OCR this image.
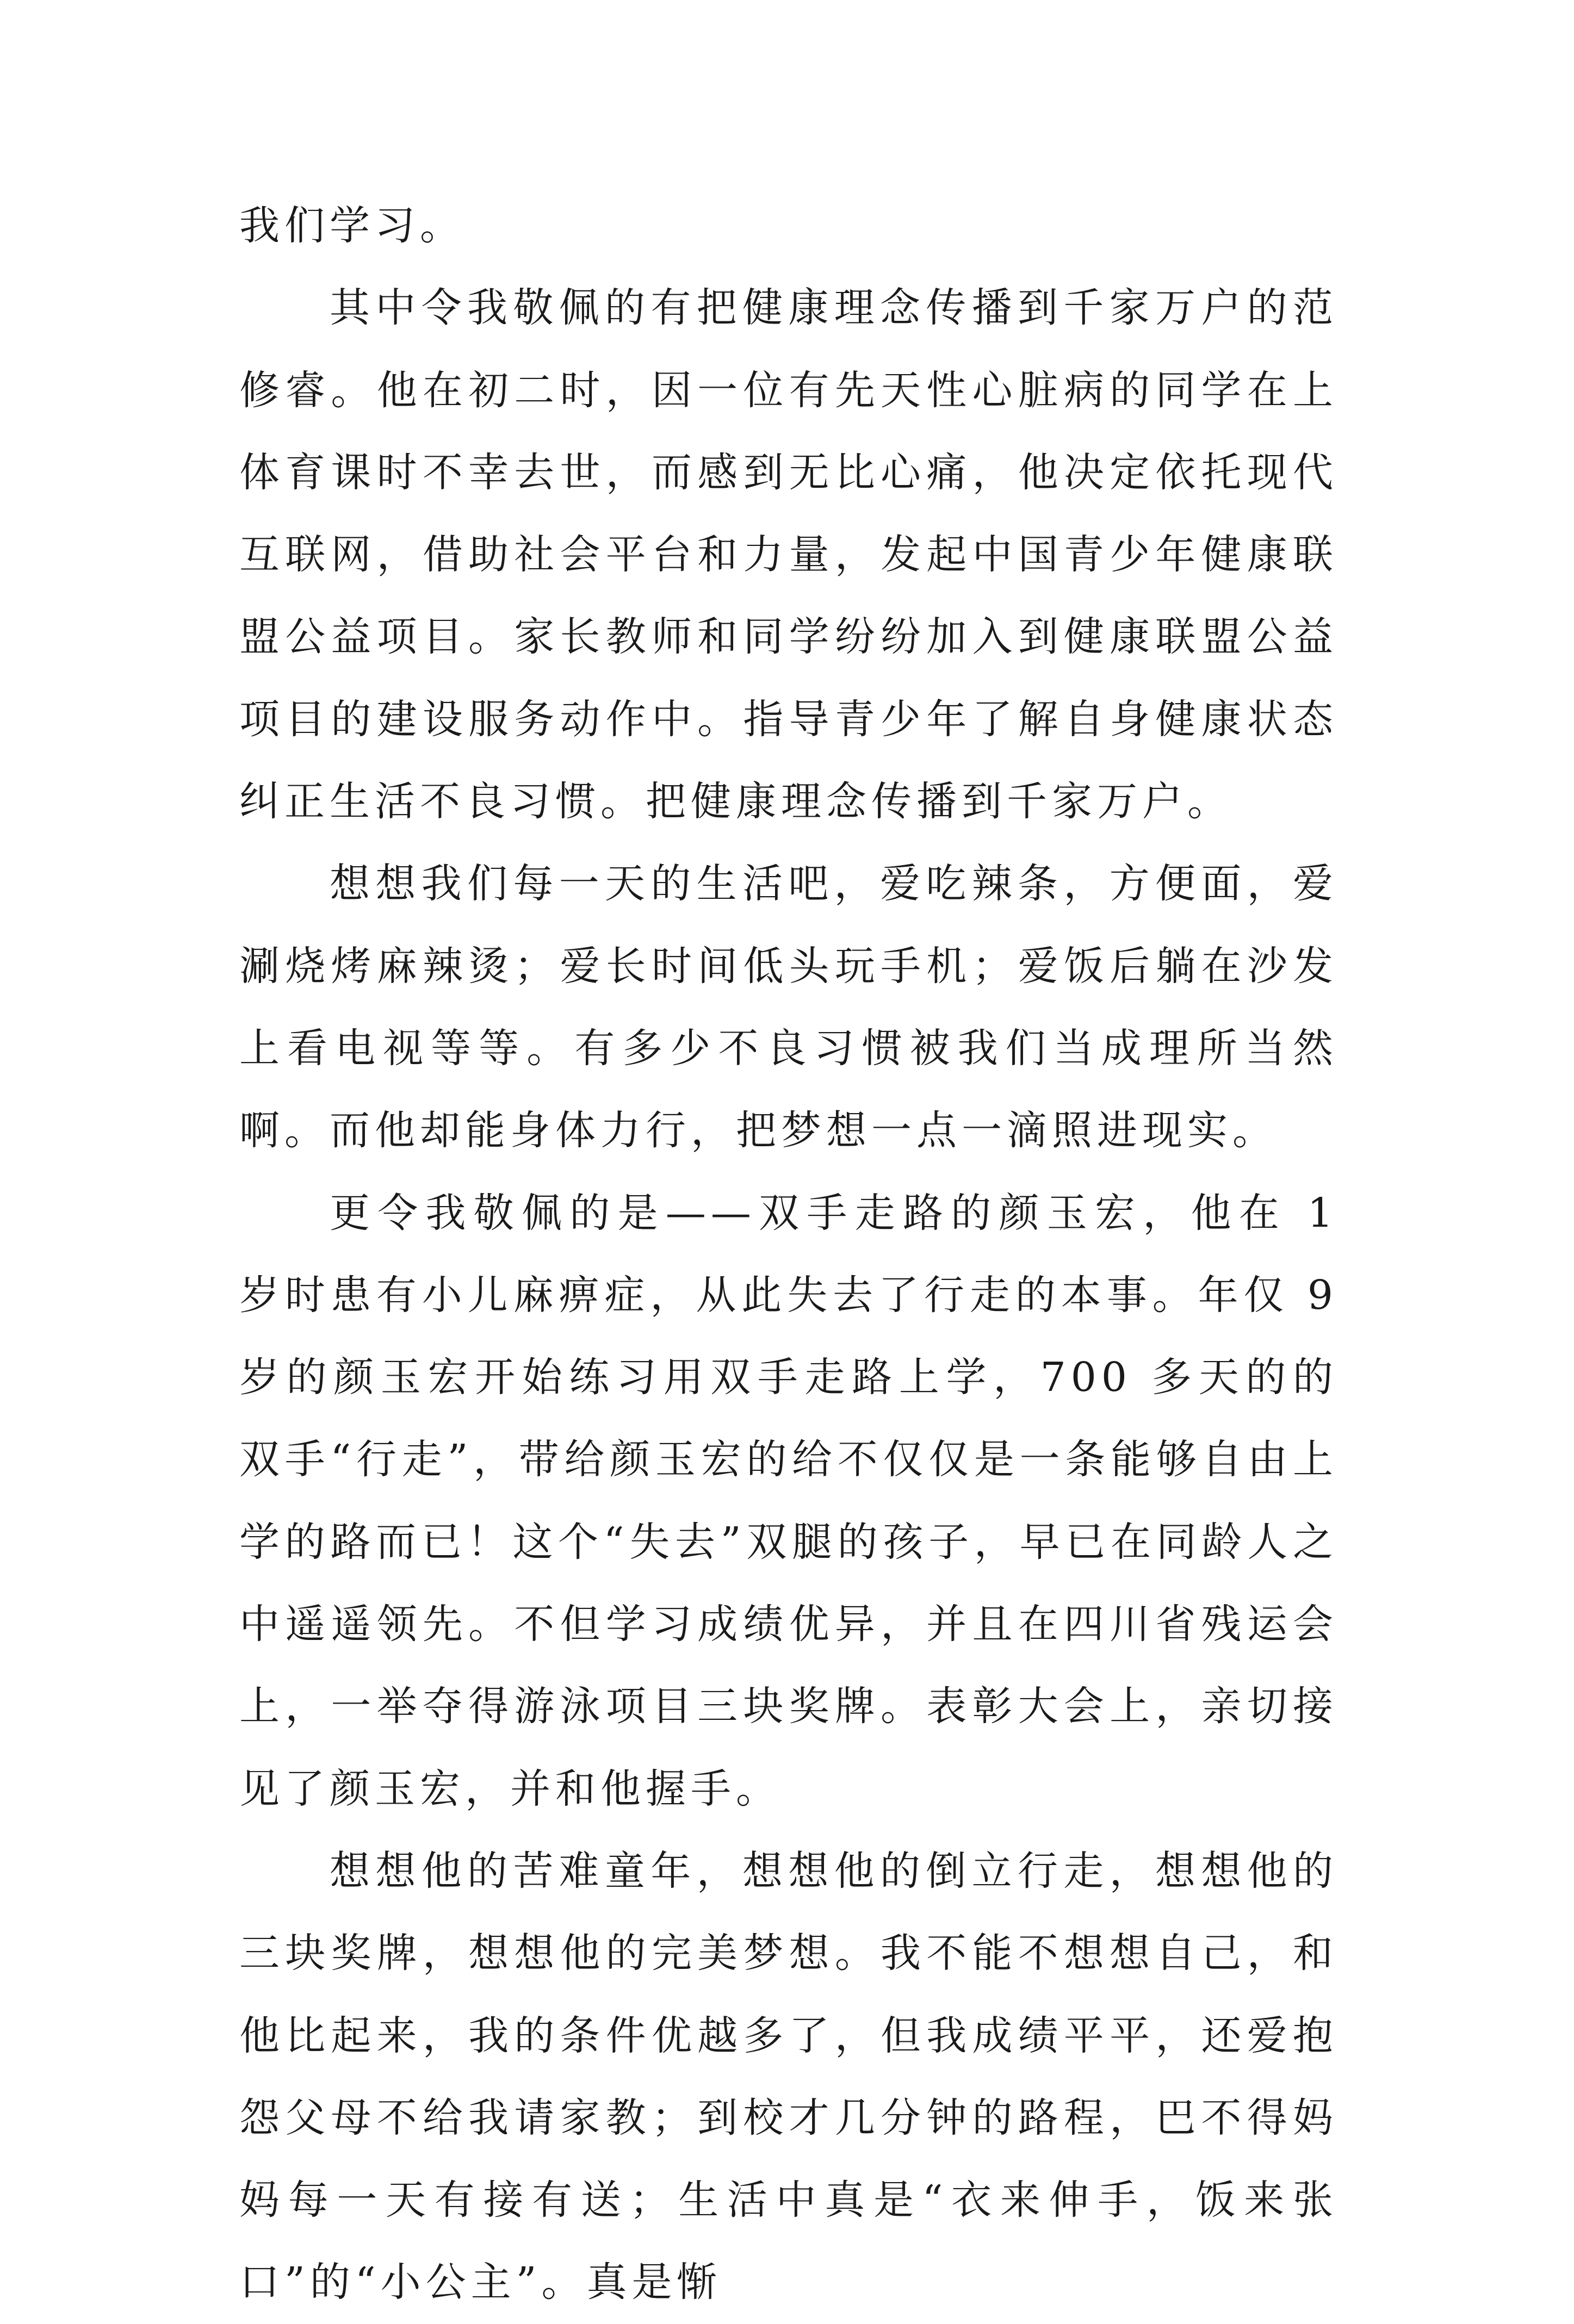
我们学习。

其中令我敬佩的有把健康理念传播到千家万户的范修睿。他在初二时，因一位有先天性心脏病的同学在上体育课时不幸去世，而感到无比心痛，他决定依托现代互联网，借助社会平台和力量，发起中国青少年健康联盟公益项目。家长教师和同学纷纷加入到健康联盟公益项目的建设服务动作中。指导青少年了解自身健康状态纠正生活不良习惯。把健康理念传播到千家万户。

想想我们每一天的生活吧，爱吃辣条，方便面，爱涮烧烤麻辣烫；爱长时间低头玩手机；爱饭后躺在沙发上看电视等等。有多少不良习惯被我们当成理所当然啊。而他却能身体力行，把梦想一点一滴照进现实。

更令我敬佩的是——双手走路的颜玉宏，他在 1 岁时患有小儿麻痹症，从此失去了行走的本事。年仅 9 岁的颜玉宏开始练习用双手走路上学，700 多天的的双手“行走”，带给颜玉宏的给不仅仅是一条能够自由上学的路而已！这个“失去”双腿的孩子，早已在同龄人之中遥遥领先。不但学习成绩优异，并且在四川省残运会上，一举夺得游泳项目三块奖牌。表彰大会上，亲切接见了颜玉宏，并和他握手。

想想他的苦难童年，想想他的倒立行走，想想他的三块奖牌，想想他的完美梦想。我不能不想想自己，和他比起来，我的条件优越多了，但我成绩平平，还爱抱怨父母不给我请家教；到校才几分钟的路程，巴不得妈妈每一天有接有送；生活中真是“衣来伸手，饭来张口”的“小公主”。真是惭
